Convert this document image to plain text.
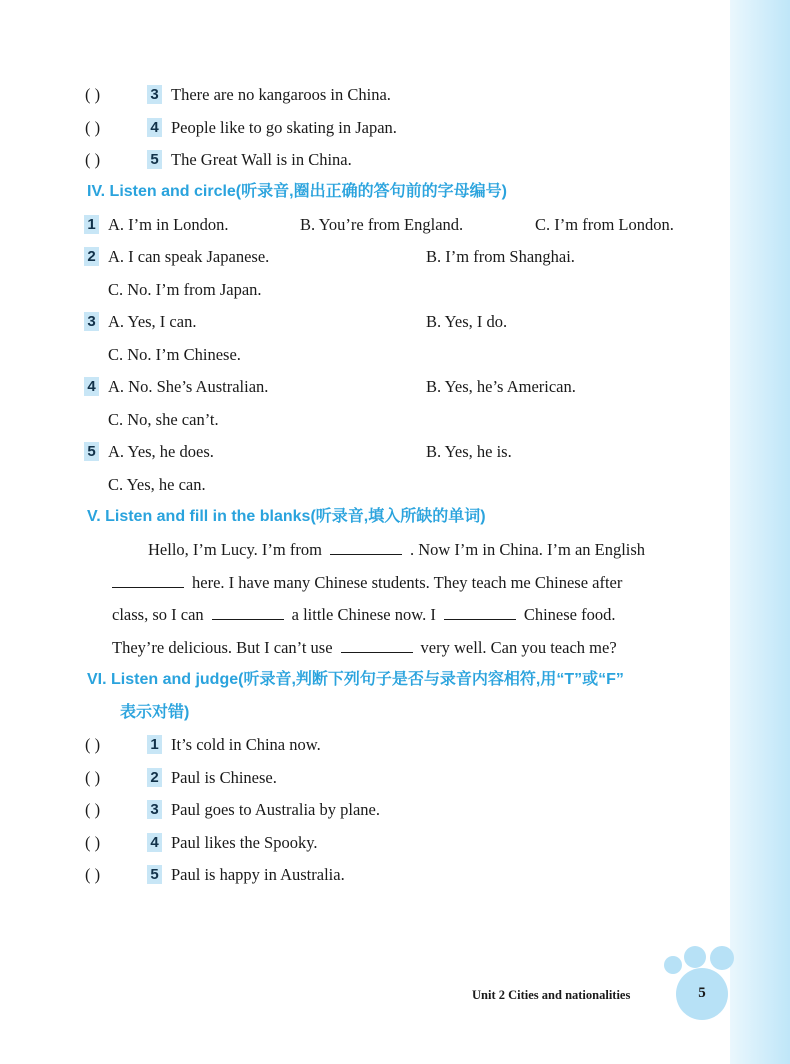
( )	3 There are no kangaroos in China.
( )	4 People like to go skating in Japan.
( )	5 The Great Wall is in China.
IV. Listen and circle(听录音,圈出正确的答句前的字母编号)
1 A. I’m in London.	B. You’re from England.	C. I’m from London.
2 A. I can speak Japanese.	B. I’m from Shanghai.
C. No. I’m from Japan.
3 A. Yes, I can.	B. Yes, I do.
C. No. I’m Chinese.
4 A. No. She’s Australian.	B. Yes, he’s American.
C. No, she can’t.
5 A. Yes, he does.	B. Yes, he is.
C. Yes, he can.
V. Listen and fill in the blanks(听录音,填入所缺的单词)
Hello, I’m Lucy. I’m from	. Now I’m in China. I’m an English
here. I have many Chinese students. They teach me Chinese after
class, so I can	a little Chinese now. I	Chinese food.
They’re delicious. But I can’t use	very well. Can you teach me?
VI. Listen and judge(听录音,判断下列句子是否与录音内容相符,用“T”或“F”
表示对错)
( )	1 It’s cold in China now.
( )	2 Paul is Chinese.
( )	3 Paul goes to Australia by plane.
( )	4 Paul likes the Spooky.
( )	5 Paul is happy in Australia.
Unit 2 Cities and nationalities	5
